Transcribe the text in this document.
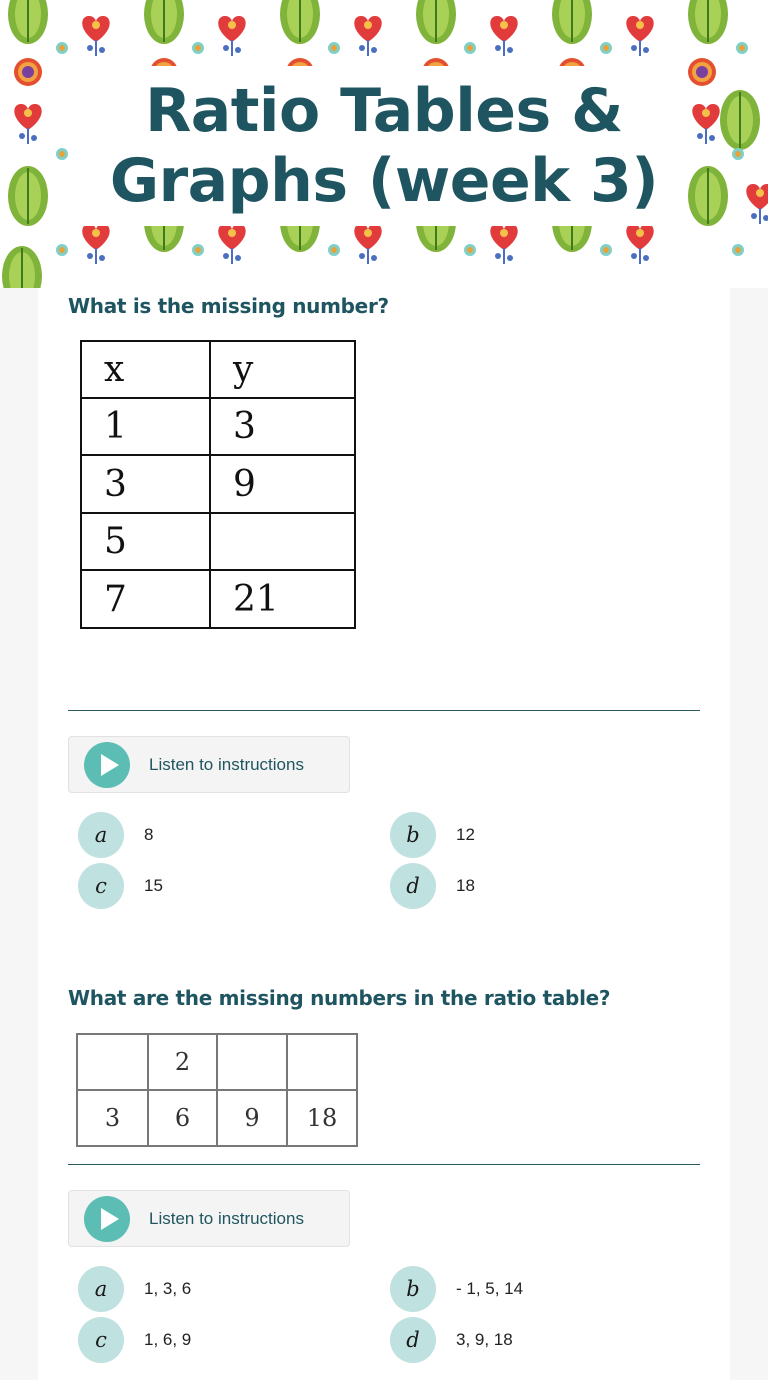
Ratio Tables & Graphs (week 3)
What is the missing number?
x	y
1	3
3	9
5	
7	21
Listen to instructions
a	8	b	12
c	15	d	18
What are the missing numbers in the ratio table?
	2		
3	6	9	18
Listen to instructions
a	1, 3, 6	b	- 1, 5, 14
c	1, 6, 9	d	3, 9, 18
